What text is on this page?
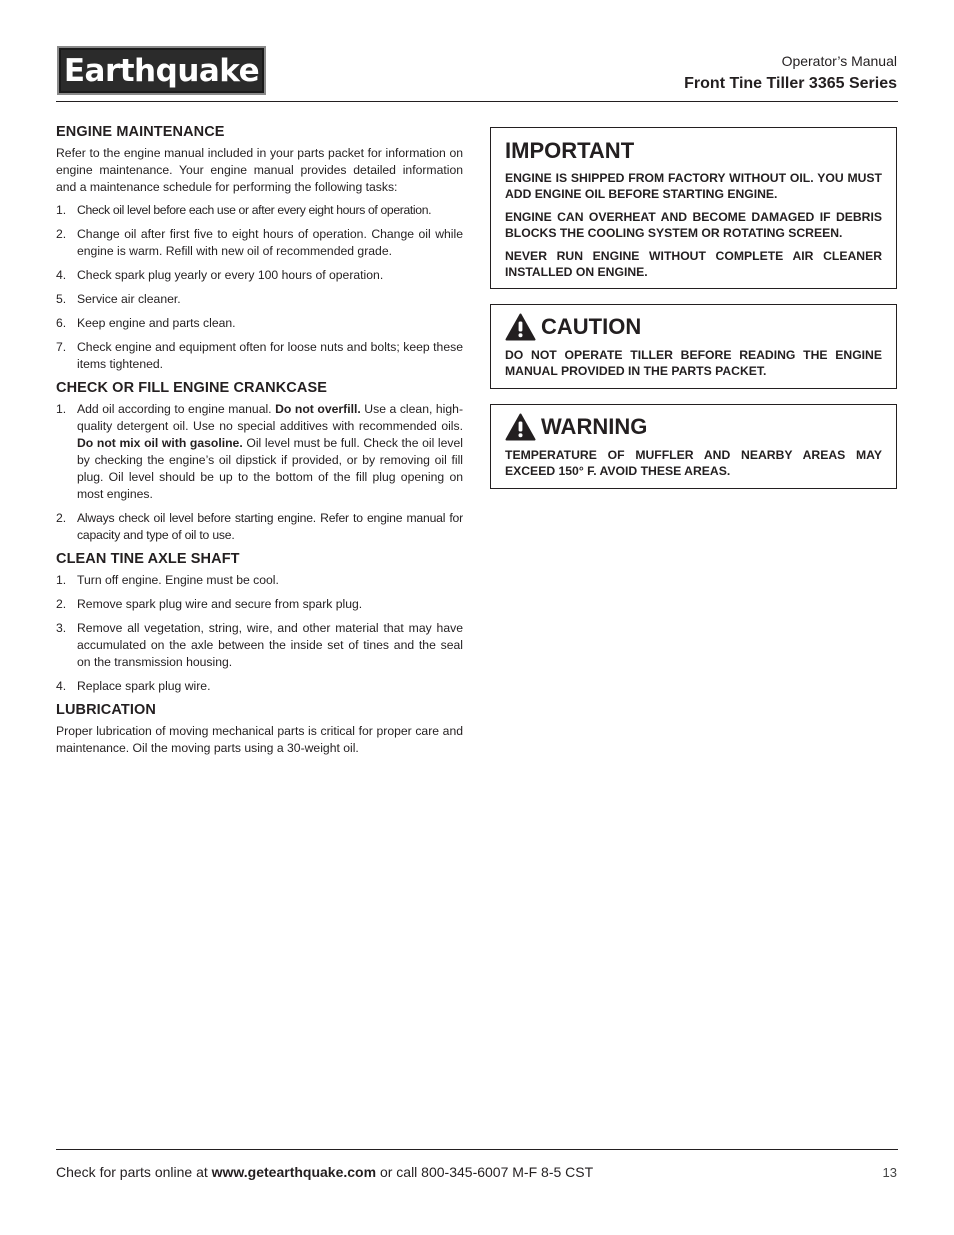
Earthquake	Operator’s Manual
Front Tine Tiller 3365 Series
ENGINE MAINTENANCE

Refer to the engine manual included in your parts packet for information on engine maintenance. Your engine manual provides detailed information and a maintenance schedule for performing the following tasks:

1. Check oil level before each use or after every eight hours of operation.
2. Change oil after first five to eight hours of operation. Change oil while engine is warm. Refill with new oil of recommended grade.
4. Check spark plug yearly or every 100 hours of operation.
5. Service air cleaner.
6. Keep engine and parts clean.
7. Check engine and equipment often for loose nuts and bolts; keep these items tightened.
CHECK OR FILL ENGINE CRANKCASE
1. Add oil according to engine manual. Do not overfill. Use a clean, high-quality detergent oil. Use no special additives with recommended oils. Do not mix oil with gasoline. Oil level must be full. Check the oil level by checking the engine’s oil dipstick if provided, or by removing oil fill plug. Oil level should be up to the bottom of the fill plug opening on most engines.
2. Always check oil level before starting engine. Refer to engine manual for capacity and type of oil to use.
CLEAN TINE AXLE SHAFT
1. Turn off engine. Engine must be cool.
2. Remove spark plug wire and secure from spark plug.
3. Remove all vegetation, string, wire, and other material that may have accumulated on the axle between the inside set of tines and the seal on the transmission housing.
4. Replace spark plug wire.
LUBRICATION

Proper lubrication of moving mechanical parts is critical for proper care and maintenance. Oil the moving parts using a 30-weight oil.

IMPORTANT

ENGINE IS SHIPPED FROM FACTORY WITHOUT OIL. YOU MUST ADD ENGINE OIL BEFORE STARTING ENGINE.

ENGINE CAN OVERHEAT AND BECOME DAMAGED IF DEBRIS BLOCKS THE COOLING SYSTEM OR ROTATING SCREEN.

NEVER RUN ENGINE WITHOUT COMPLETE AIR CLEANER INSTALLED ON ENGINE.

CAUTION

DO NOT OPERATE TILLER BEFORE READING THE ENGINE MANUAL PROVIDED IN THE PARTS PACKET.

WARNING

TEMPERATURE OF MUFFLER AND NEARBY AREAS MAY EXCEED 150° F. AVOID THESE AREAS.

Check for parts online at www.getearthquake.com or call 800-345-6007 M-F 8-5 CST	13
